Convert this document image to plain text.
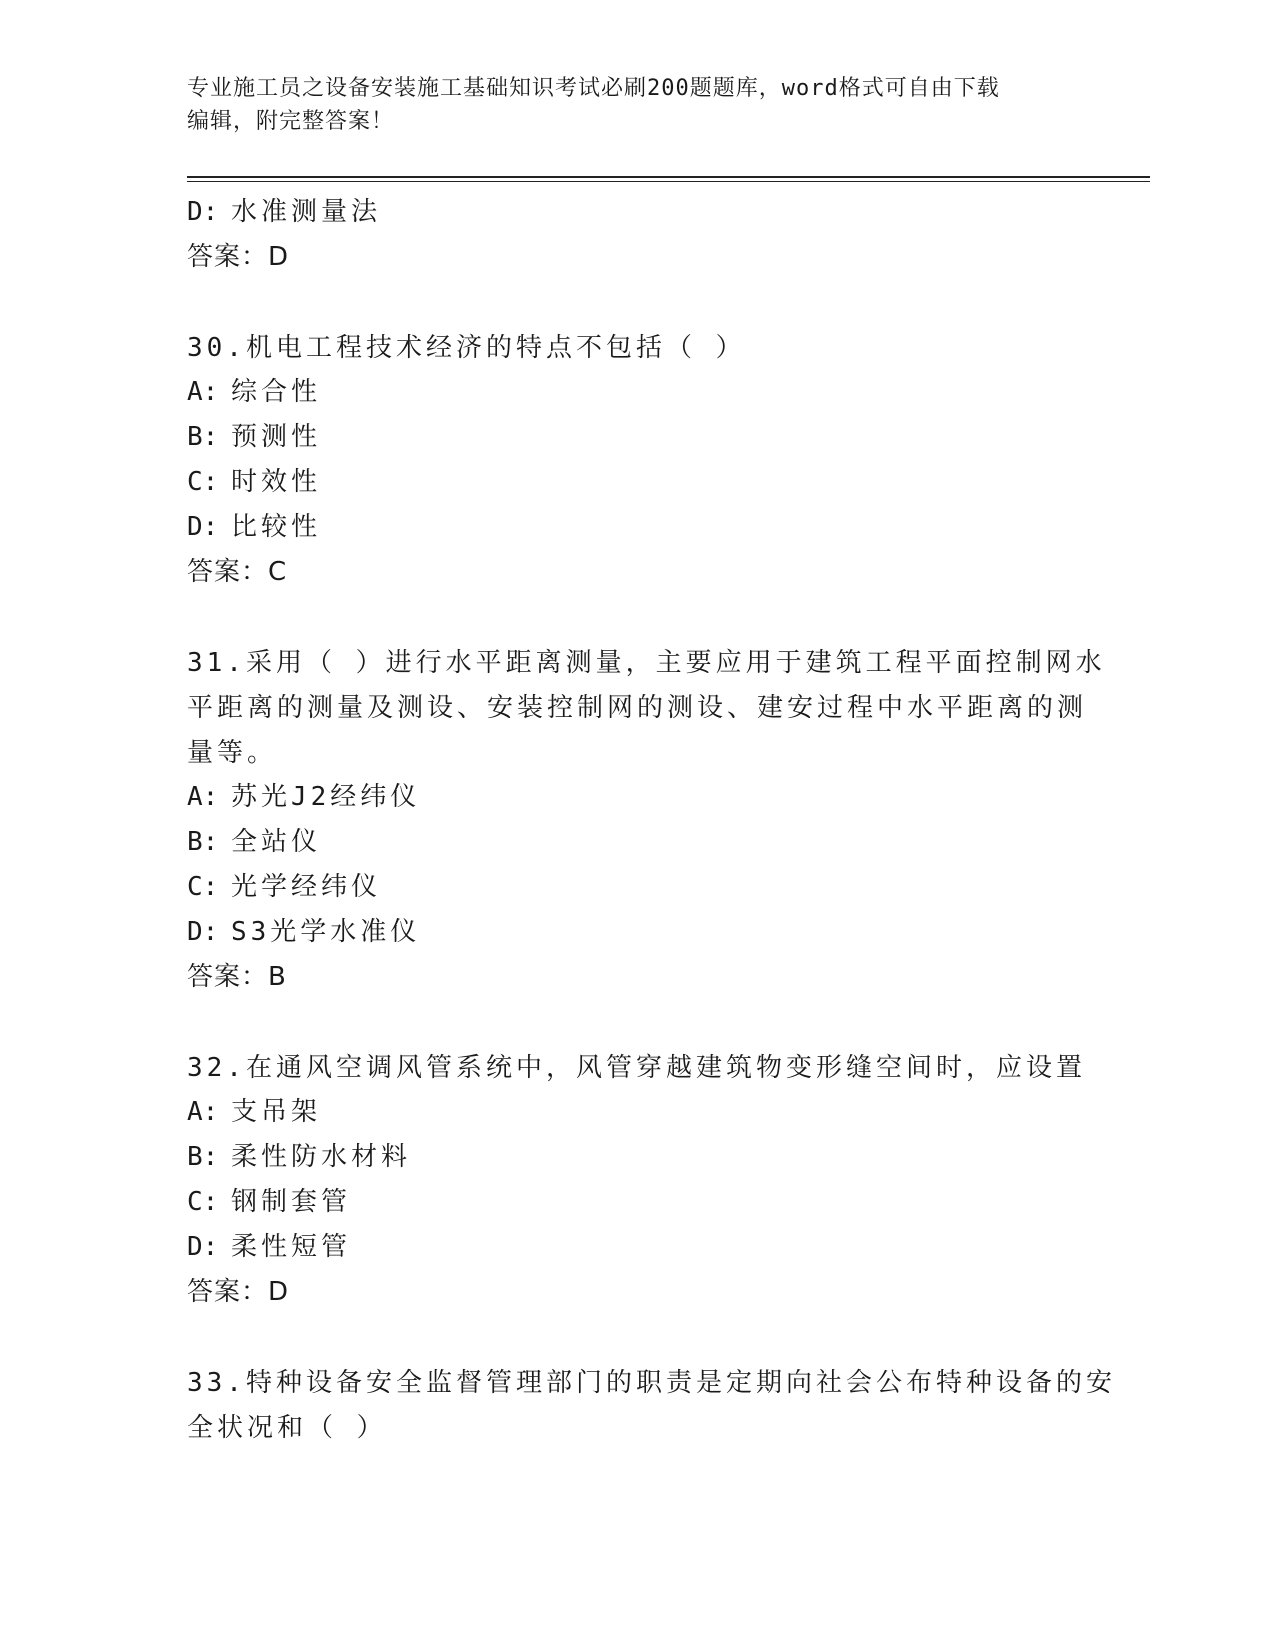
专业施工员之设备安装施工基础知识考试必刷200题题库，word格式可自由下载
编辑，附完整答案！
D: 水准测量法
答案：D
30.机电工程技术经济的特点不包括（ ）
A: 综合性
B: 预测性
C: 时效性
D: 比较性
答案：C
31.采用（ ）进行水平距离测量，主要应用于建筑工程平面控制网水
平距离的测量及测设、安装控制网的测设、建安过程中水平距离的测
量等。
A: 苏光J2经纬仪
B: 全站仪
C: 光学经纬仪
D: S3光学水准仪
答案：B
32.在通风空调风管系统中，风管穿越建筑物变形缝空间时，应设置
A: 支吊架
B: 柔性防水材料
C: 钢制套管
D: 柔性短管
答案：D
33.特种设备安全监督管理部门的职责是定期向社会公布特种设备的安
全状况和（ ）
